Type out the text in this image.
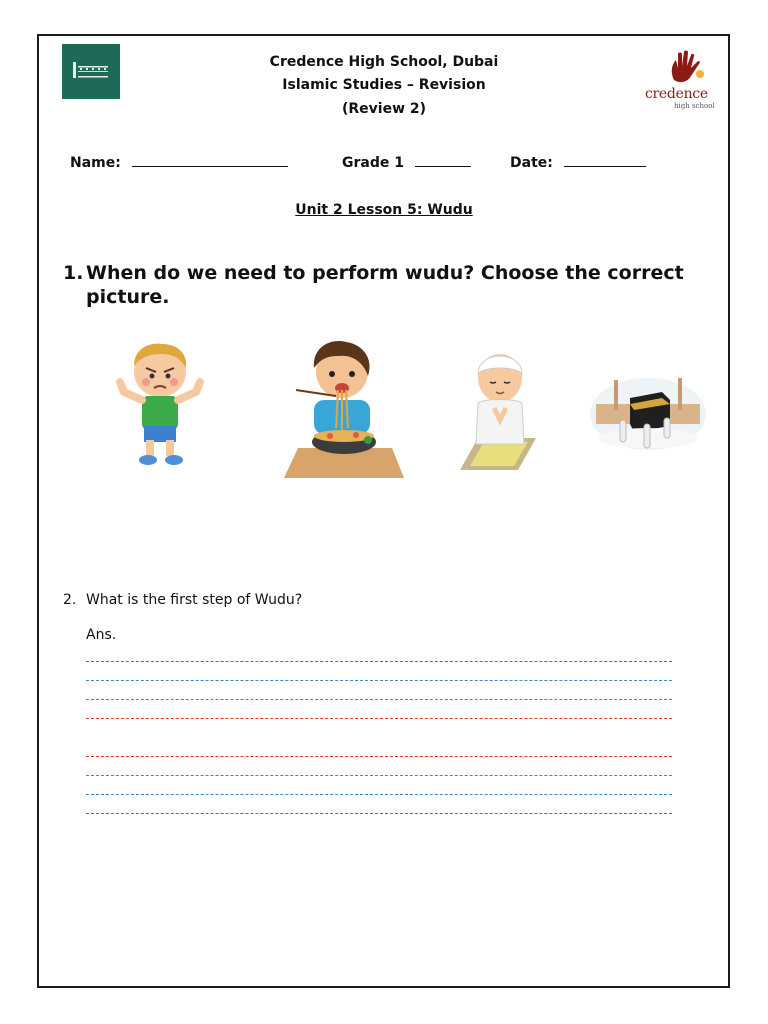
credence
high school
Credence High School, Dubai
Islamic Studies – Revision
(Review 2)
Name:	Grade 1	Date:
Unit 2 Lesson 5: Wudu
1. When do we need to perform wudu? Choose the correct picture.
2. What is the first step of Wudu?
Ans.
